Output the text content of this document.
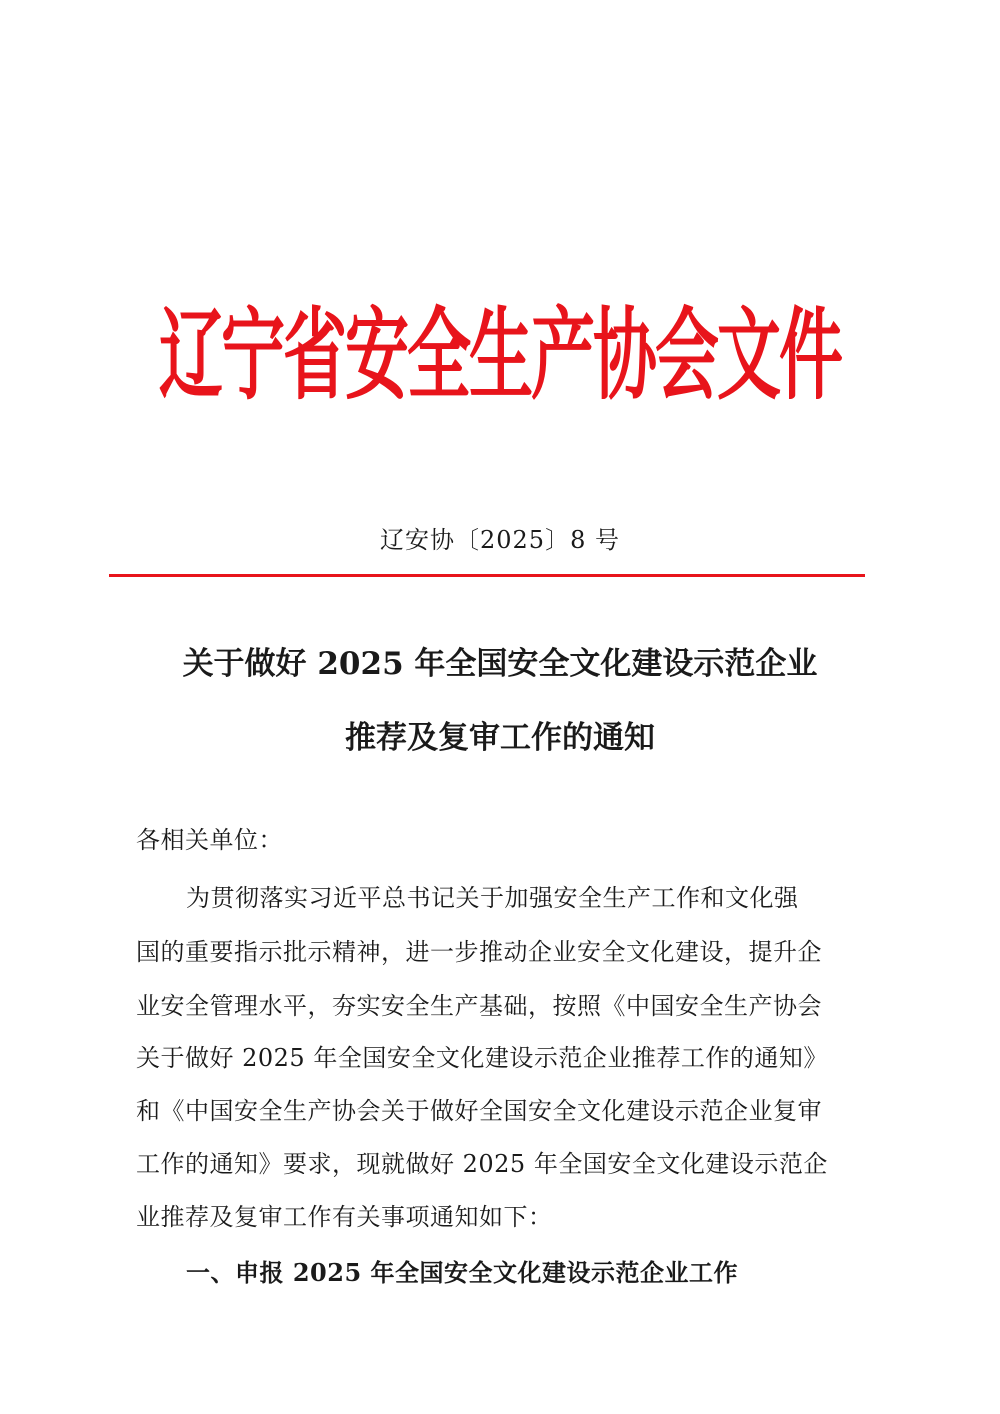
辽宁省安全生产协会文件
辽安协〔2025〕8 号
关于做好 2025 年全国安全文化建设示范企业
推荐及复审工作的通知
各相关单位：
为贯彻落实习近平总书记关于加强安全生产工作和文化强
国的重要指示批示精神，进一步推动企业安全文化建设，提升企
业安全管理水平，夯实安全生产基础，按照《中国安全生产协会
关于做好 2025 年全国安全文化建设示范企业推荐工作的通知》
和《中国安全生产协会关于做好全国安全文化建设示范企业复审
工作的通知》要求，现就做好 2025 年全国安全文化建设示范企
业推荐及复审工作有关事项通知如下：
一、申报 2025 年全国安全文化建设示范企业工作
